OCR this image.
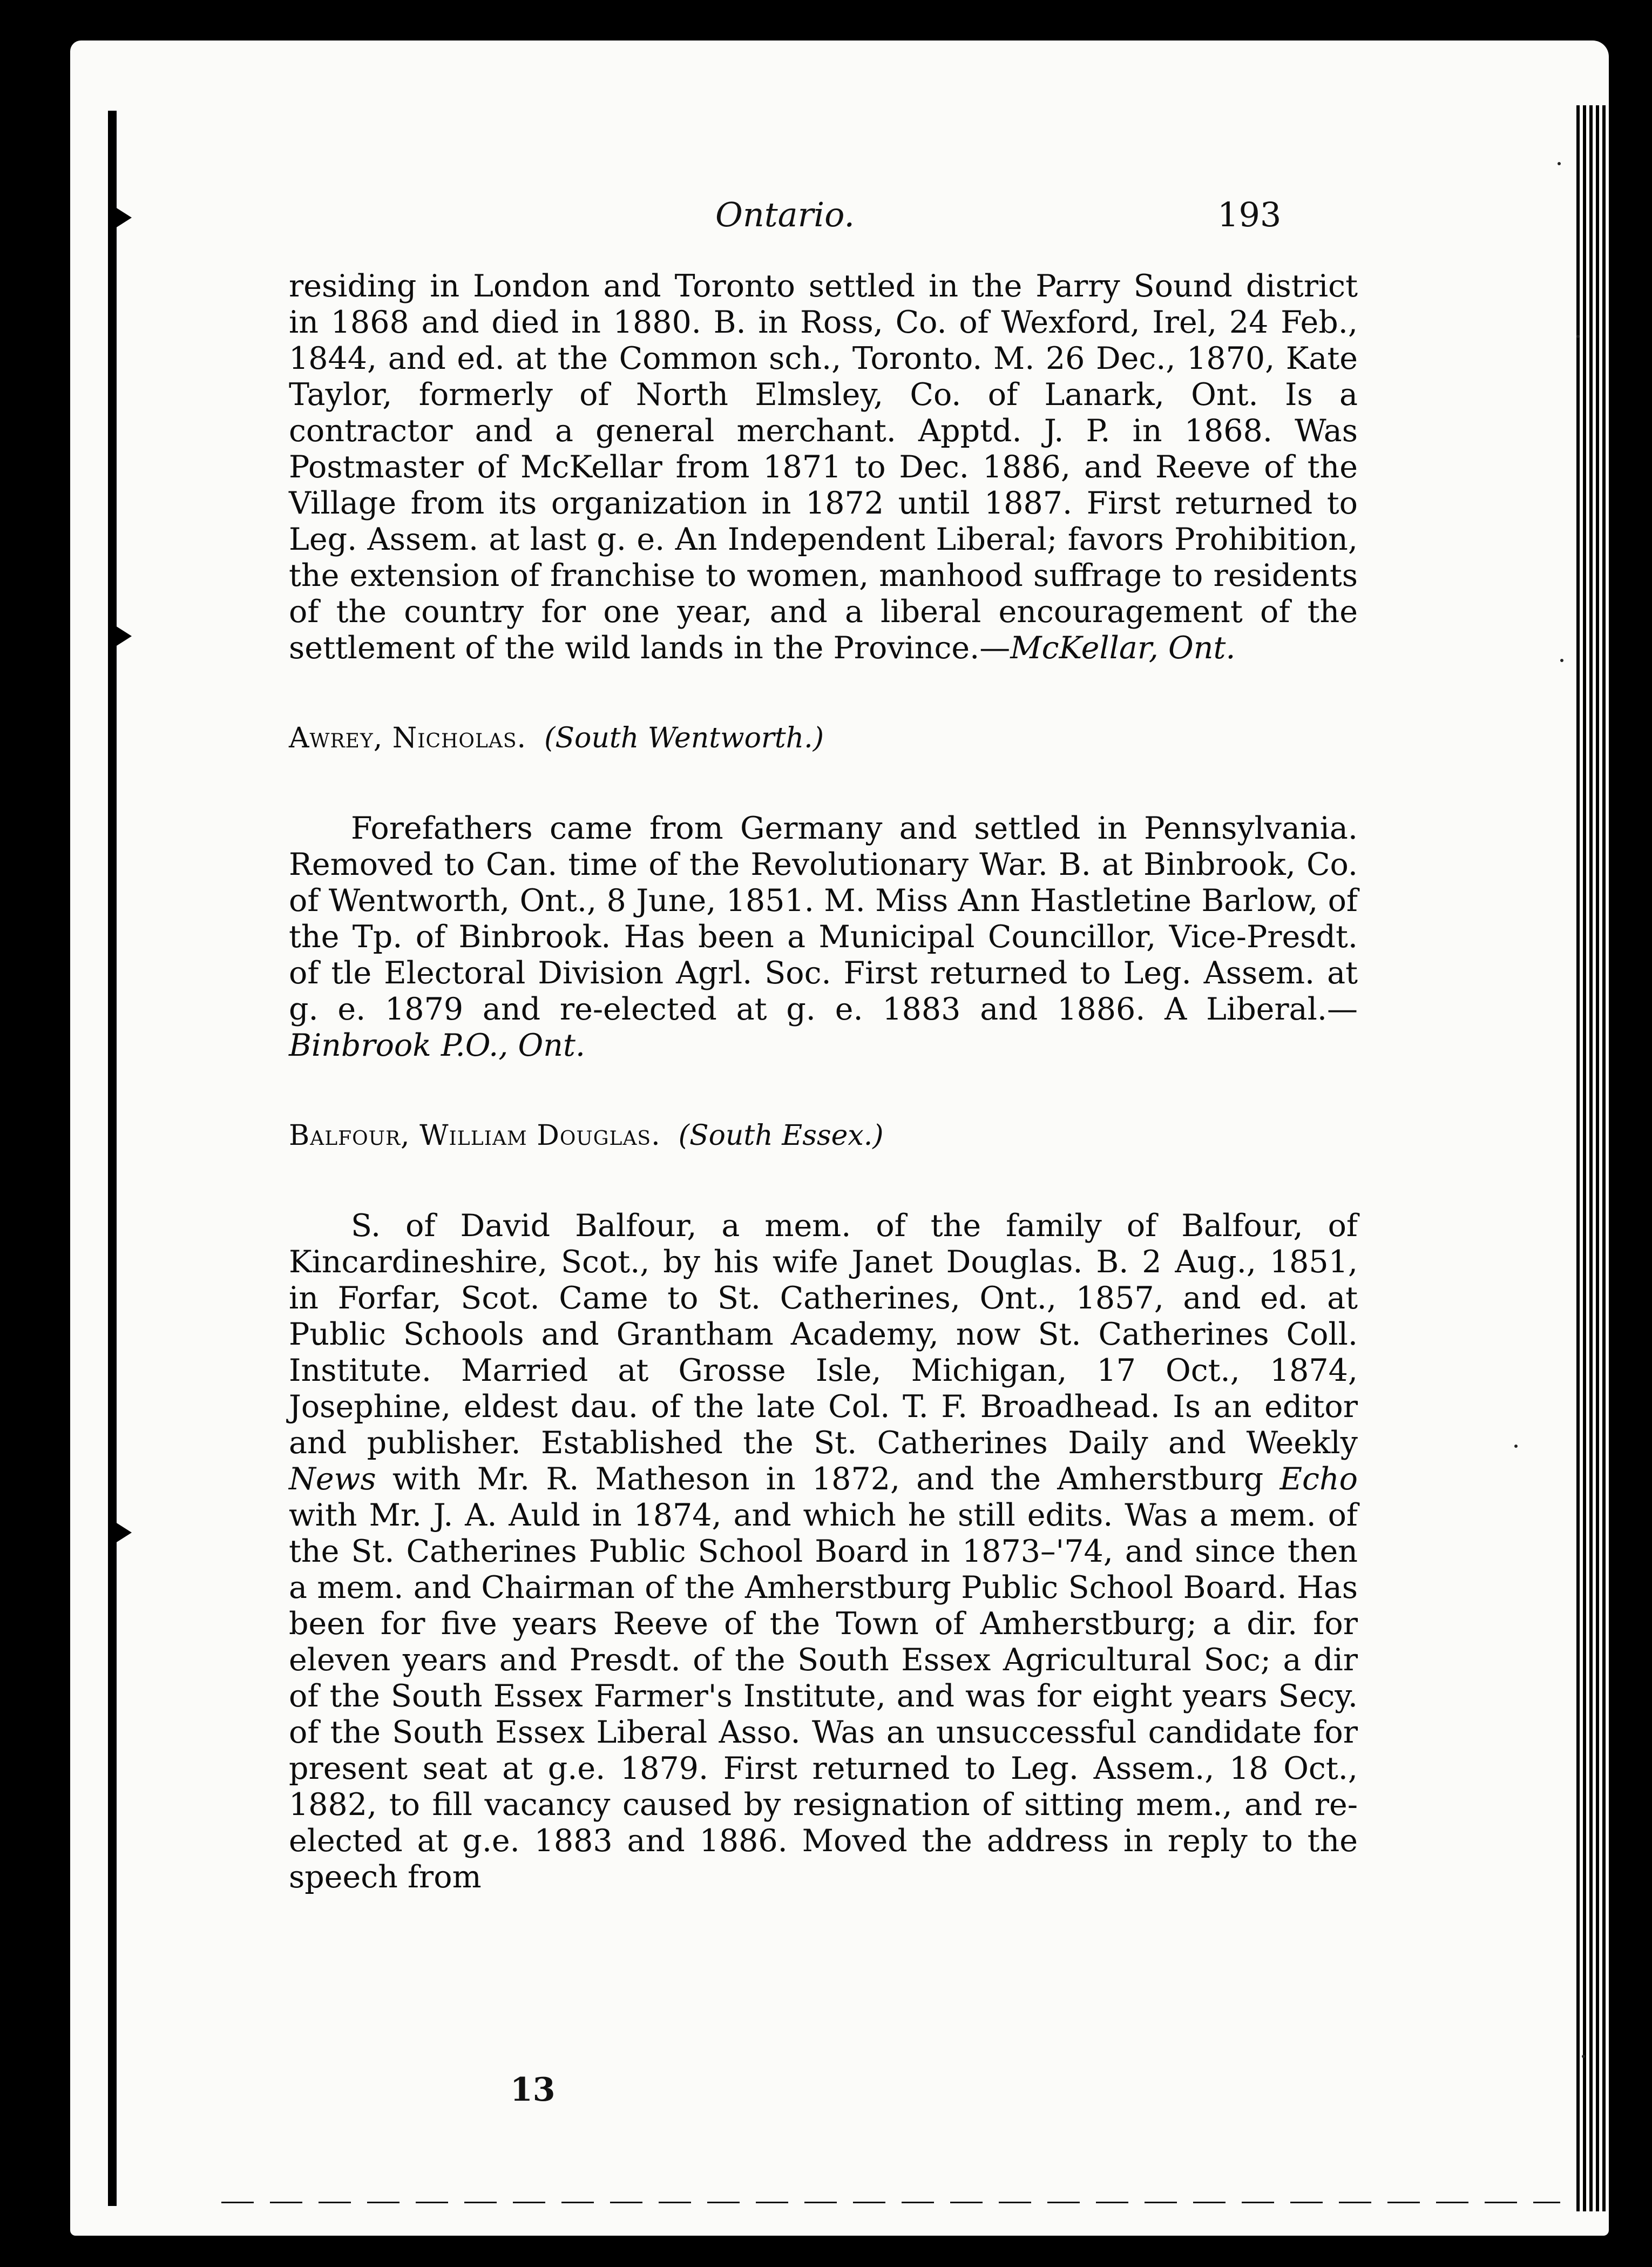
Ontario.	193

residing in London and Toronto settled in the Parry Sound district in 1868 and died in 1880. B. in Ross, Co. of Wexford, Irel, 24 Feb., 1844, and ed. at the Common sch., Toronto. M. 26 Dec., 1870, Kate Taylor, formerly of North Elmsley, Co. of Lanark, Ont. Is a contractor and a general merchant. Apptd. J. P. in 1868. Was Postmaster of McKellar from 1871 to Dec. 1886, and Reeve of the Village from its organization in 1872 until 1887. First returned to Leg. Assem. at last g. e. An Independent Liberal; favors Prohibition, the extension of franchise to women, manhood suffrage to residents of the country for one year, and a liberal encouragement of the settlement of the wild lands in the Province.—McKellar, Ont.

Awrey, Nicholas. (South Wentworth.)

Forefathers came from Germany and settled in Pennsylvania. Removed to Can. time of the Revolutionary War. B. at Binbrook, Co. of Wentworth, Ont., 8 June, 1851. M. Miss Ann Hastletine Barlow, of the Tp. of Binbrook. Has been a Municipal Councillor, Vice-Presdt. of tle Electoral Division Agrl. Soc. First returned to Leg. Assem. at g. e. 1879 and re-elected at g. e. 1883 and 1886. A Liberal.—Binbrook P.O., Ont.

Balfour, William Douglas. (South Essex.)

S. of David Balfour, a mem. of the family of Balfour, of Kincardineshire, Scot., by his wife Janet Douglas. B. 2 Aug., 1851, in Forfar, Scot. Came to St. Catherines, Ont., 1857, and ed. at Public Schools and Grantham Academy, now St. Catherines Coll. Institute. Married at Grosse Isle, Michigan, 17 Oct., 1874, Josephine, eldest dau. of the late Col. T. F. Broadhead. Is an editor and publisher. Established the St. Catherines Daily and Weekly News with Mr. R. Matheson in 1872, and the Amherstburg Echo with Mr. J. A. Auld in 1874, and which he still edits. Was a mem. of the St. Catherines Public School Board in 1873–'74, and since then a mem. and Chairman of the Amherstburg Public School Board. Has been for five years Reeve of the Town of Amherstburg; a dir. for eleven years and Presdt. of the South Essex Agricultural Soc; a dir of the South Essex Farmer's Institute, and was for eight years Secy. of the South Essex Liberal Asso. Was an unsuccessful candidate for present seat at g.e. 1879. First returned to Leg. Assem., 18 Oct., 1882, to fill vacancy caused by resignation of sitting mem., and re-elected at g.e. 1883 and 1886. Moved the address in reply to the speech from

13
